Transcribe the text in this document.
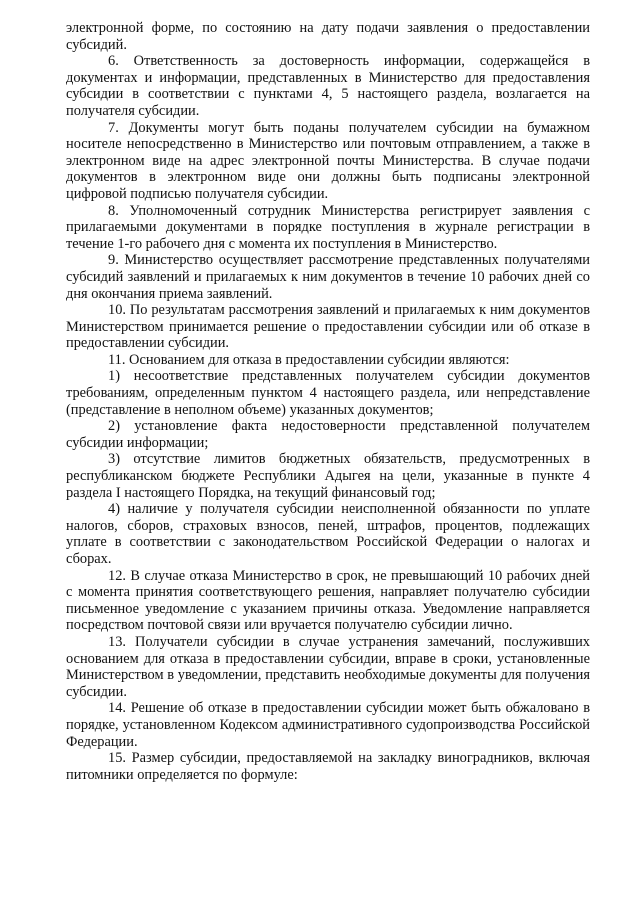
электронной форме, по состоянию на дату подачи заявления о предоставлении субсидий.

6. Ответственность за достоверность информации, содержащейся в документах и информации, представленных в Министерство для предоставления субсидии в соответствии с пунктами 4, 5 настоящего раздела, возлагается на получателя субсидии.

7. Документы могут быть поданы получателем субсидии на бумажном носителе непосредственно в Министерство или почтовым отправлением, а также в электронном виде на адрес электронной почты Министерства. В случае подачи документов в электронном виде они должны быть подписаны электронной цифровой подписью получателя субсидии.

8. Уполномоченный сотрудник Министерства регистрирует заявления с прилагаемыми документами в порядке поступления в журнале регистрации в течение 1-го рабочего дня с момента их поступления в Министерство.

9. Министерство осуществляет рассмотрение представленных получателями субсидий заявлений и прилагаемых к ним документов в течение 10 рабочих дней со дня окончания приема заявлений.

10. По результатам рассмотрения заявлений и прилагаемых к ним документов Министерством принимается решение о предоставлении субсидии или об отказе в предоставлении субсидии.

11. Основанием для отказа в предоставлении субсидии являются:

1) несоответствие представленных получателем субсидии документов требованиям, определенным пунктом 4 настоящего раздела, или непредставление (представление в неполном объеме) указанных документов;

2) установление факта недостоверности представленной получателем субсидии информации;

3) отсутствие лимитов бюджетных обязательств, предусмотренных в республиканском бюджете Республики Адыгея на цели, указанные в пункте 4 раздела I настоящего Порядка, на текущий финансовый год;

4) наличие у получателя субсидии неисполненной обязанности по уплате налогов, сборов, страховых взносов, пеней, штрафов, процентов, подлежащих уплате в соответствии с законодательством Российской Федерации о налогах и сборах.

12. В случае отказа Министерство в срок, не превышающий 10 рабочих дней с момента принятия соответствующего решения, направляет получателю субсидии письменное уведомление с указанием причины отказа. Уведомление направляется посредством почтовой связи или вручается получателю субсидии лично.

13. Получатели субсидии в случае устранения замечаний, послуживших основанием для отказа в предоставлении субсидии, вправе в сроки, установленные Министерством в уведомлении, представить необходимые документы для получения субсидии.

14. Решение об отказе в предоставлении субсидии может быть обжаловано в порядке, установленном Кодексом административного судопроизводства Российской Федерации.

15. Размер субсидии, предоставляемой на закладку виноградников, включая питомники определяется по формуле:
